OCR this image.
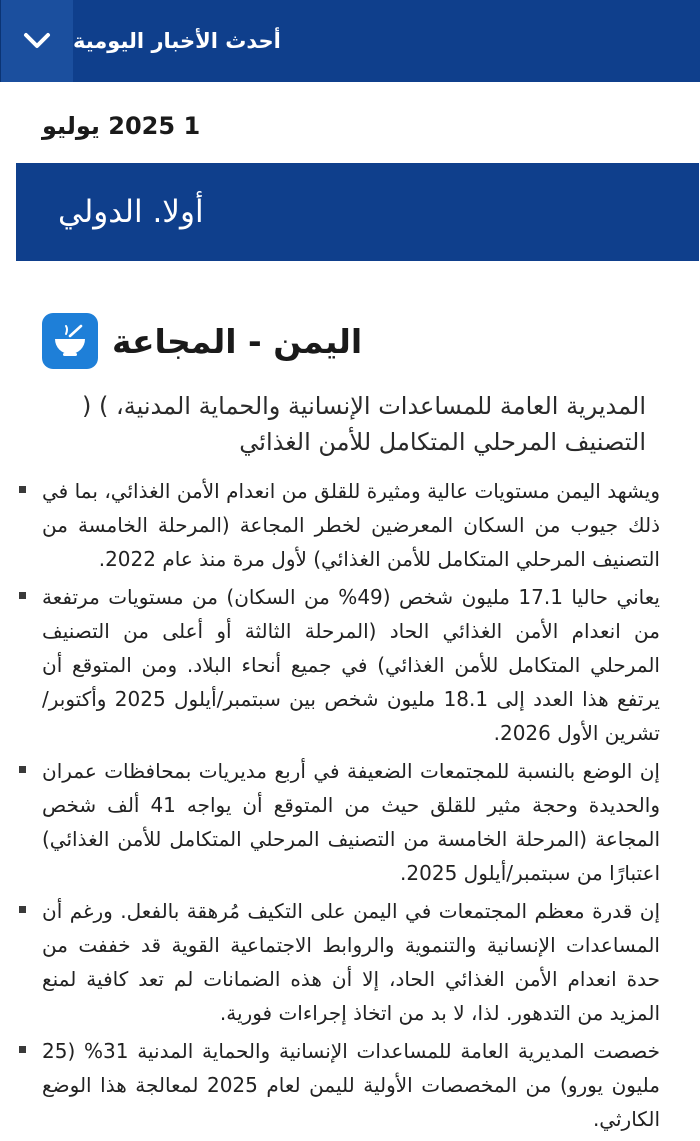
أحدث الأخبار اليومية
1 2025 يوليو
أولا. الدولي
اليمن - المجاعة
المديرية العامة للمساعدات الإنسانية والحماية المدنية، ) ( التصنيف المرحلي المتكامل للأمن الغذائي
ويشهد اليمن مستويات عالية ومثيرة للقلق من انعدام الأمن الغذائي، بما في ذلك جيوب من السكان المعرضين لخطر المجاعة (المرحلة الخامسة من التصنيف المرحلي المتكامل للأمن الغذائي) لأول مرة منذ عام 2022.
يعاني حاليا 17.1 مليون شخص (49% من السكان) من مستويات مرتفعة من انعدام الأمن الغذائي الحاد (المرحلة الثالثة أو أعلى من التصنيف المرحلي المتكامل للأمن الغذائي) في جميع أنحاء البلاد. ومن المتوقع أن يرتفع هذا العدد إلى 18.1 مليون شخص بين سبتمبر/أيلول 2025 وأكتوبر/تشرين الأول 2026.
إن الوضع بالنسبة للمجتمعات الضعيفة في أربع مديريات بمحافظات عمران والحديدة وحجة مثير للقلق حيث من المتوقع أن يواجه 41 ألف شخص المجاعة (المرحلة الخامسة من التصنيف المرحلي المتكامل للأمن الغذائي) اعتبارًا من سبتمبر/أيلول 2025.
إن قدرة معظم المجتمعات في اليمن على التكيف مُرهقة بالفعل. ورغم أن المساعدات الإنسانية والتنموية والروابط الاجتماعية القوية قد خففت من حدة انعدام الأمن الغذائي الحاد، إلا أن هذه الضمانات لم تعد كافية لمنع المزيد من التدهور. لذا، لا بد من اتخاذ إجراءات فورية.
خصصت المديرية العامة للمساعدات الإنسانية والحماية المدنية 31% (25 مليون يورو) من المخصصات الأولية لليمن لعام 2025 لمعالجة هذا الوضع الكارثي.
